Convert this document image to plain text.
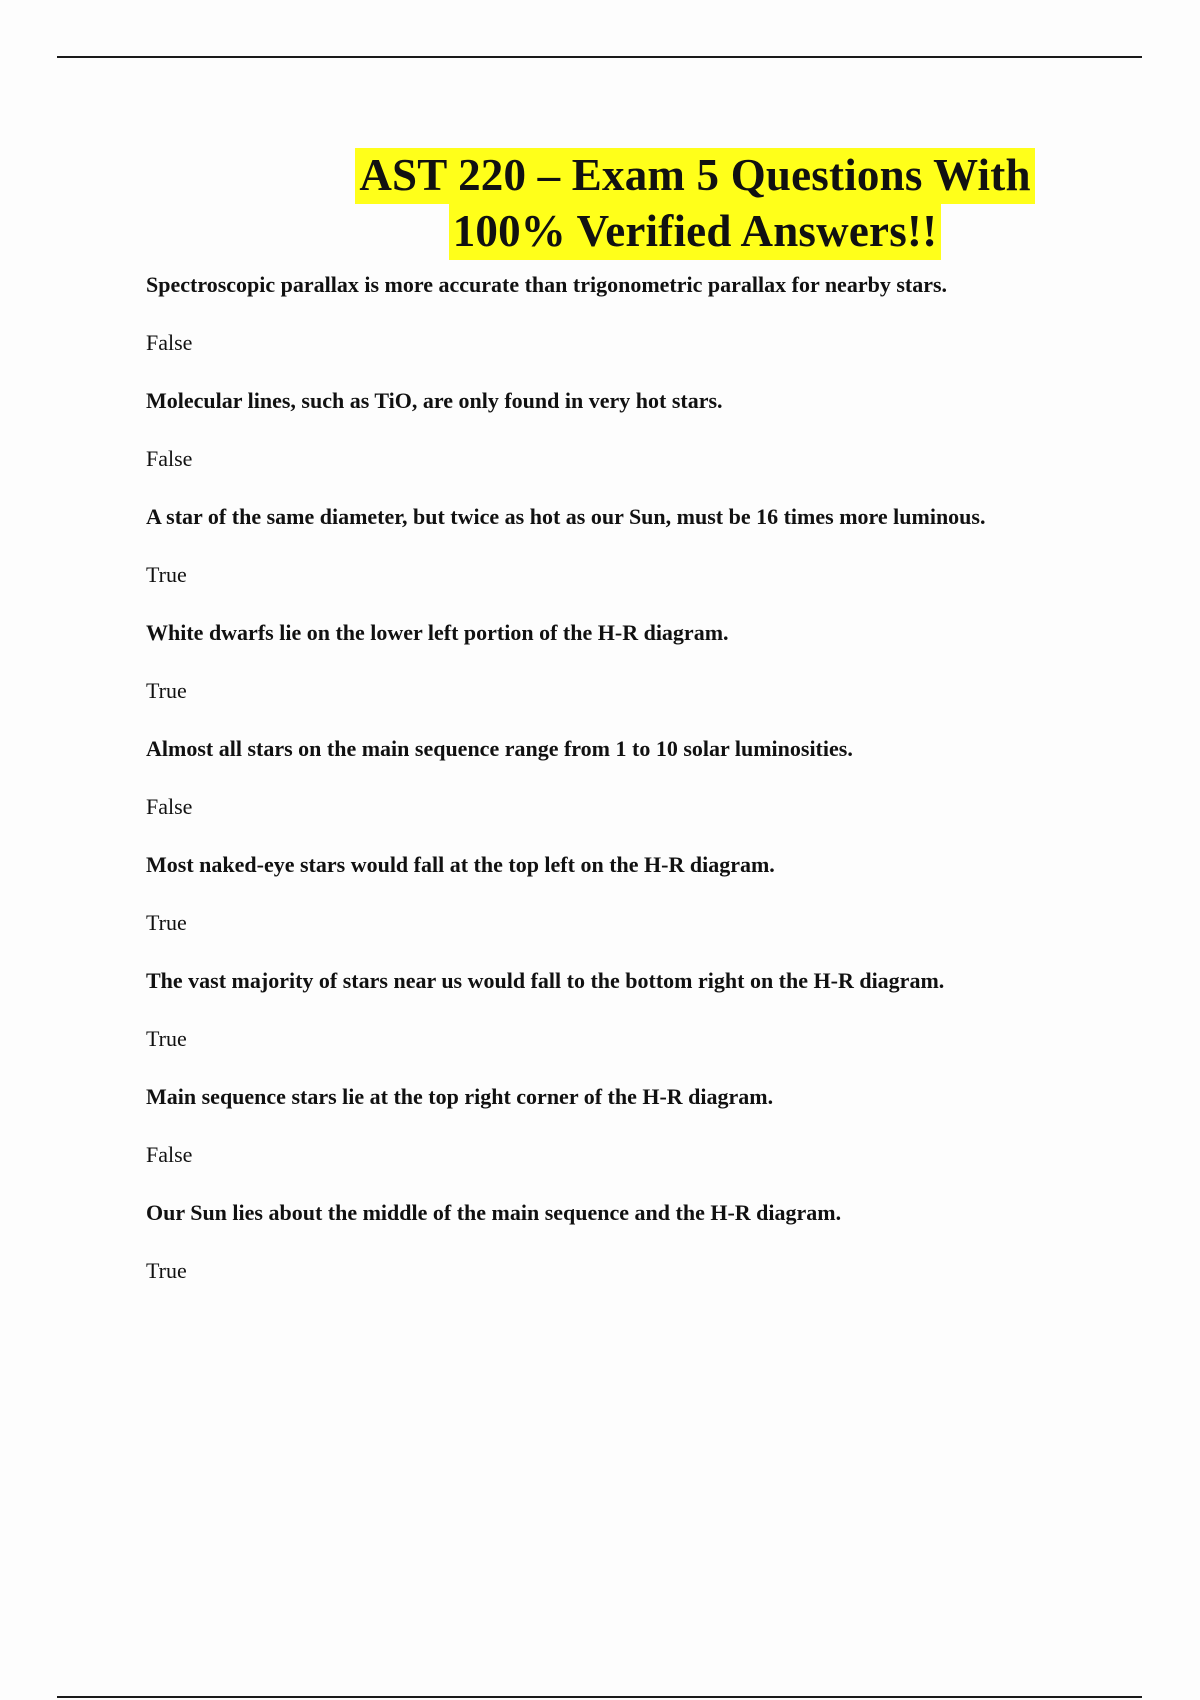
AST 220 – Exam 5 Questions With
100% Verified Answers!!

Spectroscopic parallax is more accurate than trigonometric parallax for nearby stars.

False

Molecular lines, such as TiO, are only found in very hot stars.

False

A star of the same diameter, but twice as hot as our Sun, must be 16 times more luminous.

True

White dwarfs lie on the lower left portion of the H-R diagram.

True

Almost all stars on the main sequence range from 1 to 10 solar luminosities.

False

Most naked-eye stars would fall at the top left on the H-R diagram.

True

The vast majority of stars near us would fall to the bottom right on the H-R diagram.

True

Main sequence stars lie at the top right corner of the H-R diagram.

False

Our Sun lies about the middle of the main sequence and the H-R diagram.

True
